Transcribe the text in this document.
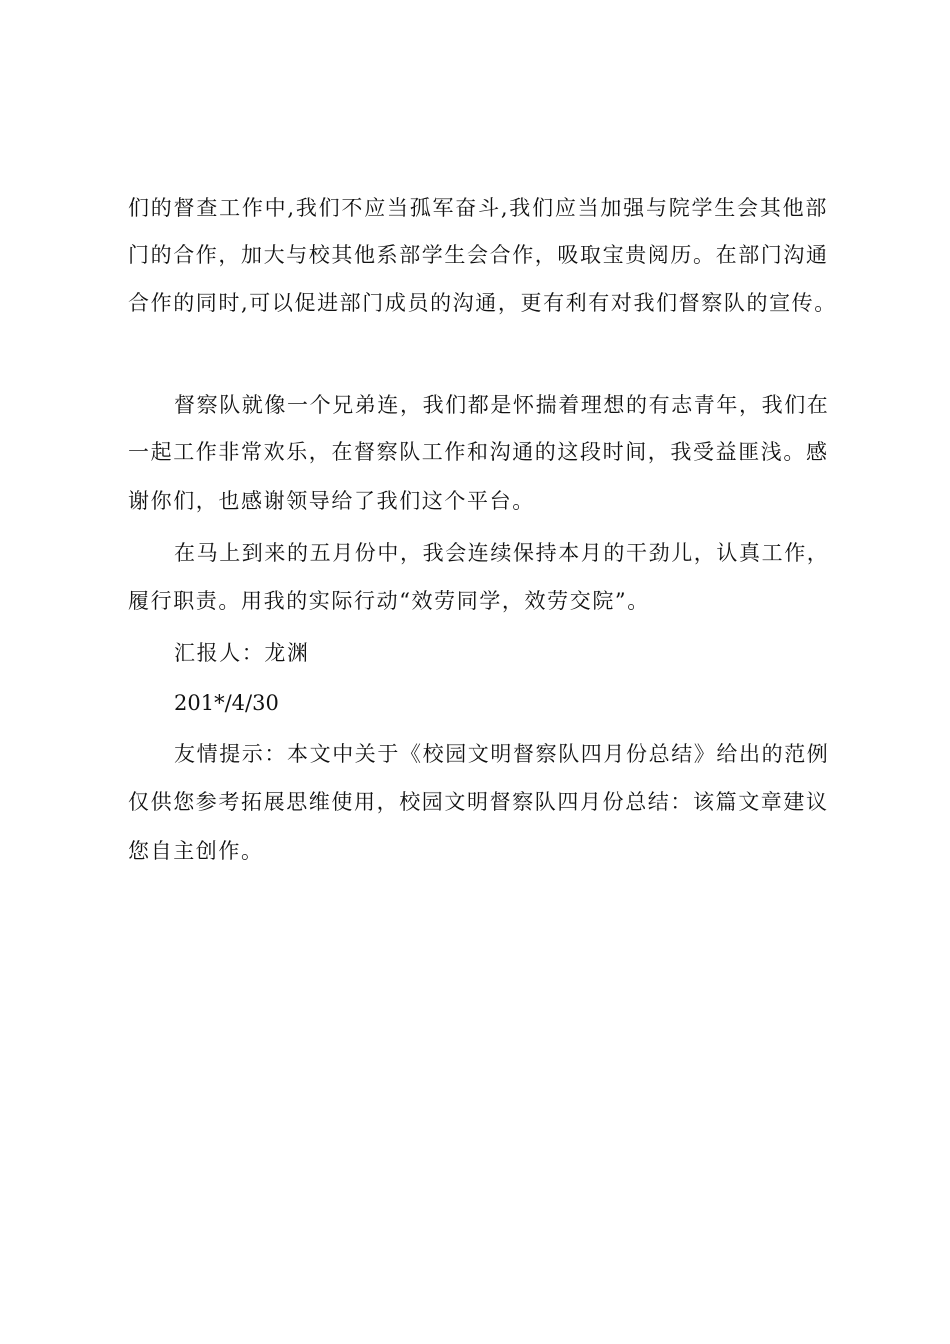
们的督查工作中,我们不应当孤军奋斗,我们应当加强与院学生会其他部
门的合作，加大与校其他系部学生会合作，吸取宝贵阅历。在部门沟通
合作的同时,可以促进部门成员的沟通，更有利有对我们督察队的宣传。
督察队就像一个兄弟连，我们都是怀揣着理想的有志青年，我们在
一起工作非常欢乐，在督察队工作和沟通的这段时间，我受益匪浅。感
谢你们，也感谢领导给了我们这个平台。
在马上到来的五月份中，我会连续保持本月的干劲儿，认真工作，
履行职责。用我的实际行动“效劳同学，效劳交院”。
汇报人：龙渊
201*/4/30
友情提示：本文中关于《校园文明督察队四月份总结》给出的范例
仅供您参考拓展思维使用，校园文明督察队四月份总结：该篇文章建议
您自主创作。
